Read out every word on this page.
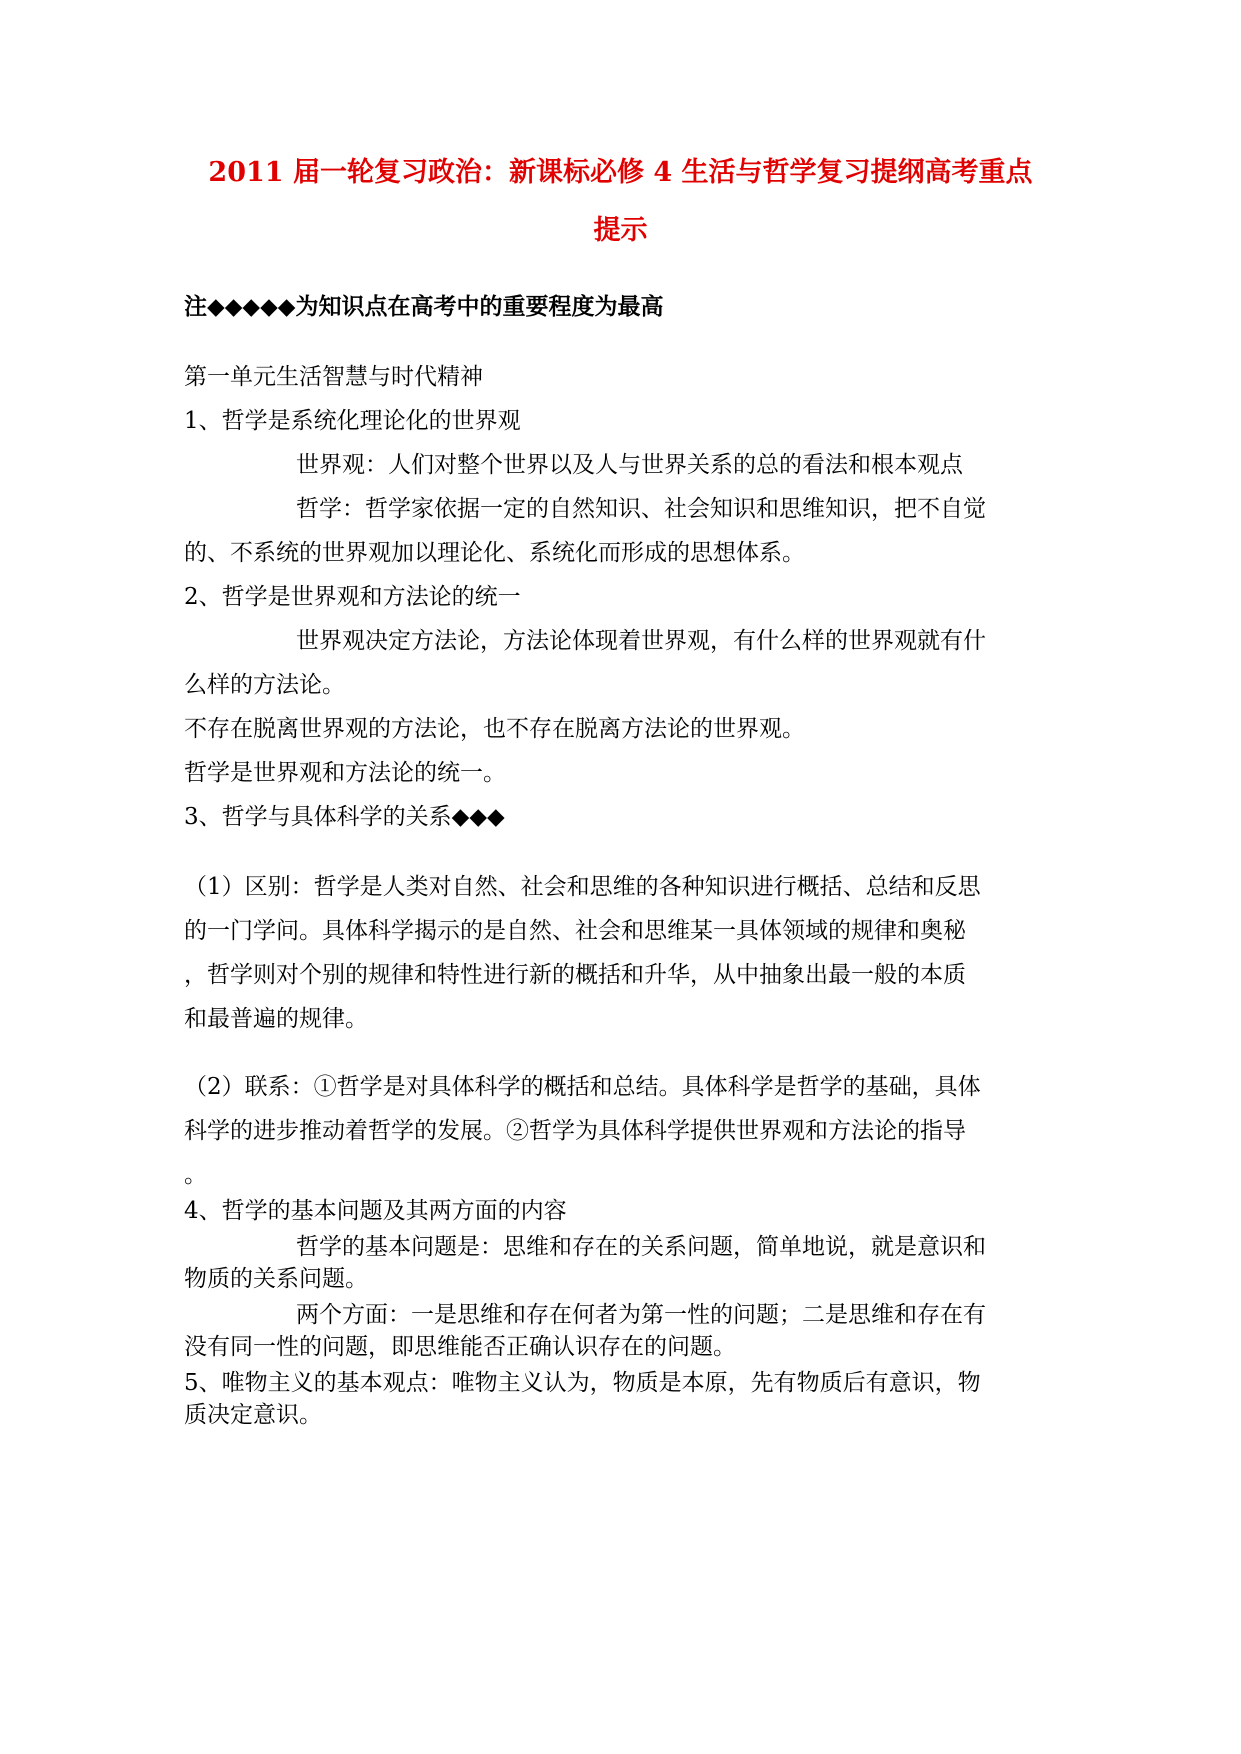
2011 届一轮复习政治：新课标必修 4 生活与哲学复习提纲高考重点
提示
注◆◆◆◆◆为知识点在高考中的重要程度为最高
第一单元生活智慧与时代精神
1、哲学是系统化理论化的世界观
世界观：人们对整个世界以及人与世界关系的总的看法和根本观点
哲学：哲学家依据一定的自然知识、社会知识和思维知识，把不自觉
的、不系统的世界观加以理论化、系统化而形成的思想体系。
2、哲学是世界观和方法论的统一
世界观决定方法论，方法论体现着世界观，有什么样的世界观就有什
么样的方法论。
不存在脱离世界观的方法论，也不存在脱离方法论的世界观。
哲学是世界观和方法论的统一。
3、哲学与具体科学的关系◆◆◆
（1）区别：哲学是人类对自然、社会和思维的各种知识进行概括、总结和反思
的一门学问。具体科学揭示的是自然、社会和思维某一具体领域的规律和奥秘
，哲学则对个别的规律和特性进行新的概括和升华，从中抽象出最一般的本质
和最普遍的规律。
（2）联系：①哲学是对具体科学的概括和总结。具体科学是哲学的基础，具体
科学的进步推动着哲学的发展。②哲学为具体科学提供世界观和方法论的指导
。
4、哲学的基本问题及其两方面的内容
哲学的基本问题是：思维和存在的关系问题，简单地说，就是意识和
物质的关系问题。
两个方面：一是思维和存在何者为第一性的问题；二是思维和存在有
没有同一性的问题，即思维能否正确认识存在的问题。
5、唯物主义的基本观点：唯物主义认为，物质是本原，先有物质后有意识，物
质决定意识。
